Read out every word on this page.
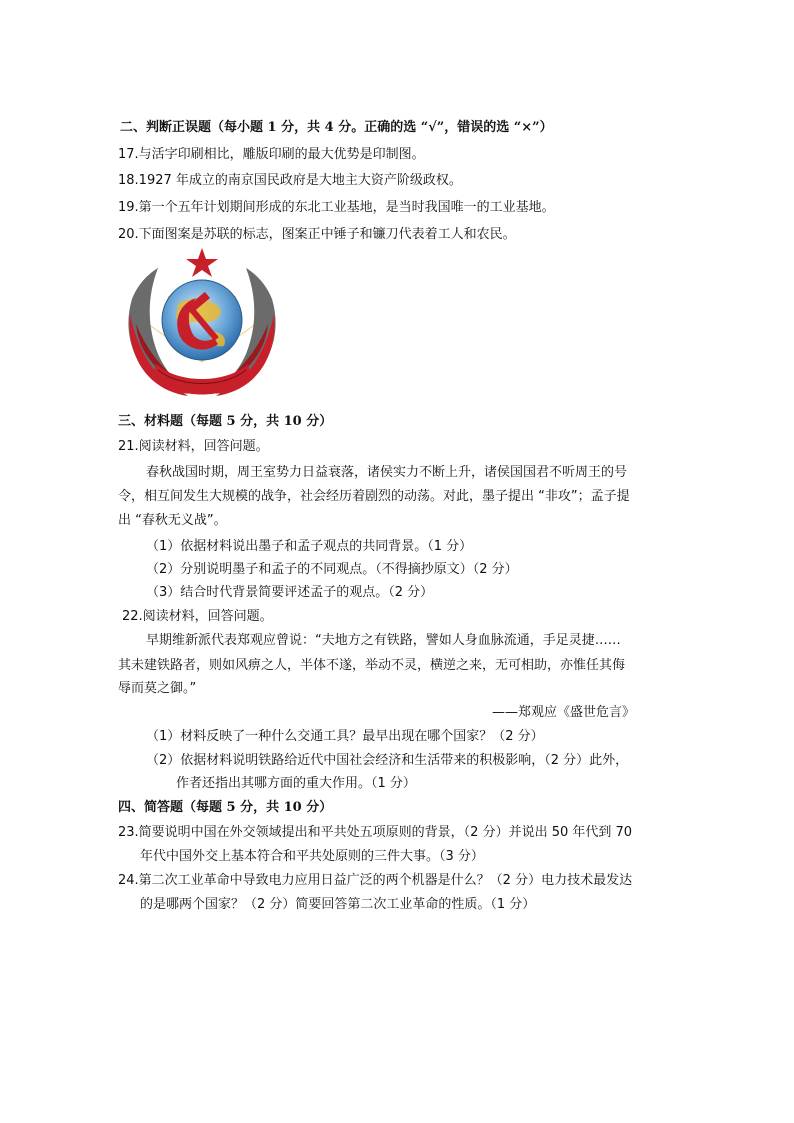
二、判断正误题（每小题 1 分，共 4 分。正确的选 “√”，错误的选 “×”）
17.与活字印刷相比，雕版印刷的最大优势是印制图。
18.1927 年成立的南京国民政府是大地主大资产阶级政权。
19.第一个五年计划期间形成的东北工业基地，是当时我国唯一的工业基地。
20.下面图案是苏联的标志，图案正中锤子和镰刀代表着工人和农民。
三、材料题（每题 5 分，共 10 分）
21.阅读材料，回答问题。
春秋战国时期，周王室势力日益衰落，诸侯实力不断上升，诸侯国国君不听周王的号
令，相互间发生大规模的战争，社会经历着剧烈的动荡。对此，墨子提出 “非攻”；孟子提
出 “春秋无义战”。
（1）依据材料说出墨子和孟子观点的共同背景。（1 分）
（2）分别说明墨子和孟子的不同观点。（不得摘抄原文）（2 分）
（3）结合时代背景简要评述孟子的观点。（2 分）
22.阅读材料，回答问题。
早期维新派代表郑观应曾说：“夫地方之有铁路，譬如人身血脉流通，手足灵捷……
其未建铁路者，则如风痹之人，半体不遂，举动不灵，横逆之来，无可相助，亦惟任其侮
辱而莫之御。”
——郑观应《盛世危言》
（1）材料反映了一种什么交通工具？最早出现在哪个国家？（2 分）
（2）依据材料说明铁路给近代中国社会经济和生活带来的积极影响，（2 分）此外，
作者还指出其哪方面的重大作用。（1 分）
四、简答题（每题 5 分，共 10 分）
23.简要说明中国在外交领域提出和平共处五项原则的背景，（2 分）并说出 50 年代到 70
年代中国外交上基本符合和平共处原则的三件大事。（3 分）
24.第二次工业革命中导致电力应用日益广泛的两个机器是什么？（2 分）电力技术最发达
的是哪两个国家？（2 分）简要回答第二次工业革命的性质。（1 分）
